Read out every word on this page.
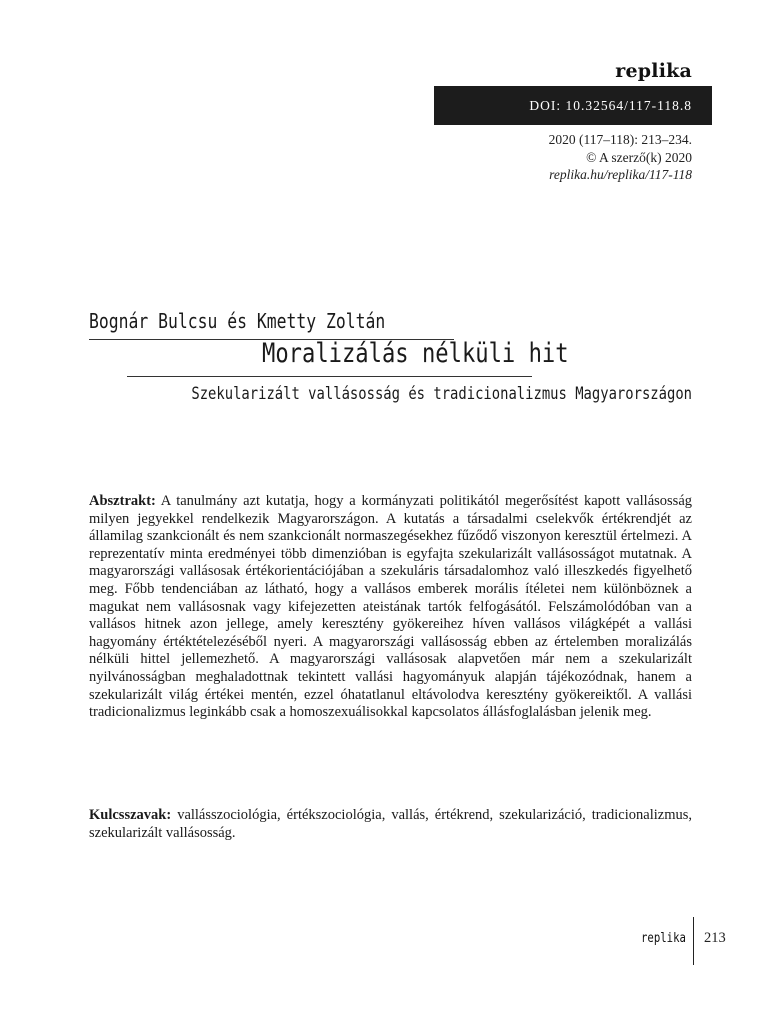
replika
DOI: 10.32564/117-118.8
2020 (117–118): 213–234.
© A szerző(k) 2020
replika.hu/replika/117-118
Bognár Bulcsu és Kmetty Zoltán
Moralizálás nélküli hit
Szekularizált vallásosság és tradicionalizmus Magyarországon

Absztrakt: A tanulmány azt kutatja, hogy a kormányzati politikától megerősítést kapott vallásosság milyen jegyekkel rendelkezik Magyarországon. A kutatás a társadalmi cselekvők értékrendjét az államilag szankcionált és nem szankcionált normaszegésekhez fűződő viszonyon keresztül értelmezi. A reprezentatív minta eredményei több dimenzióban is egyfajta szekularizált vallásosságot mutatnak. A magyarországi vallásosak értékorientációjában a szekuláris társadalomhoz való illeszkedés figyelhető meg. Főbb tendenciában az látható, hogy a vallásos emberek morális ítéletei nem különböznek a magukat nem vallásosnak vagy kifejezetten ateistának tartók felfogásától. Felszámolódóban van a vallásos hitnek azon jellege, amely keresztény gyökereihez híven vallásos világképét a vallási hagyomány értéktételezéséből nyeri. A magyarországi vallásosság ebben az értelemben moralizálás nélküli hittel jellemezhető. A magyarországi vallásosak alapvetően már nem a szekularizált nyilvánosságban meghaladottnak tekintett vallási hagyományuk alapján tájékozódnak, hanem a szekularizált világ értékei mentén, ezzel óhatatlanul eltávolodva keresztény gyökereiktől. A vallási tradicionalizmus leginkább csak a homoszexuálisokkal kapcsolatos állásfoglalásban jelenik meg.

Kulcsszavak: vallásszociológia, értékszociológia, vallás, értékrend, szekularizáció, tradicionalizmus, szekularizált vallásosság.

replika 213
